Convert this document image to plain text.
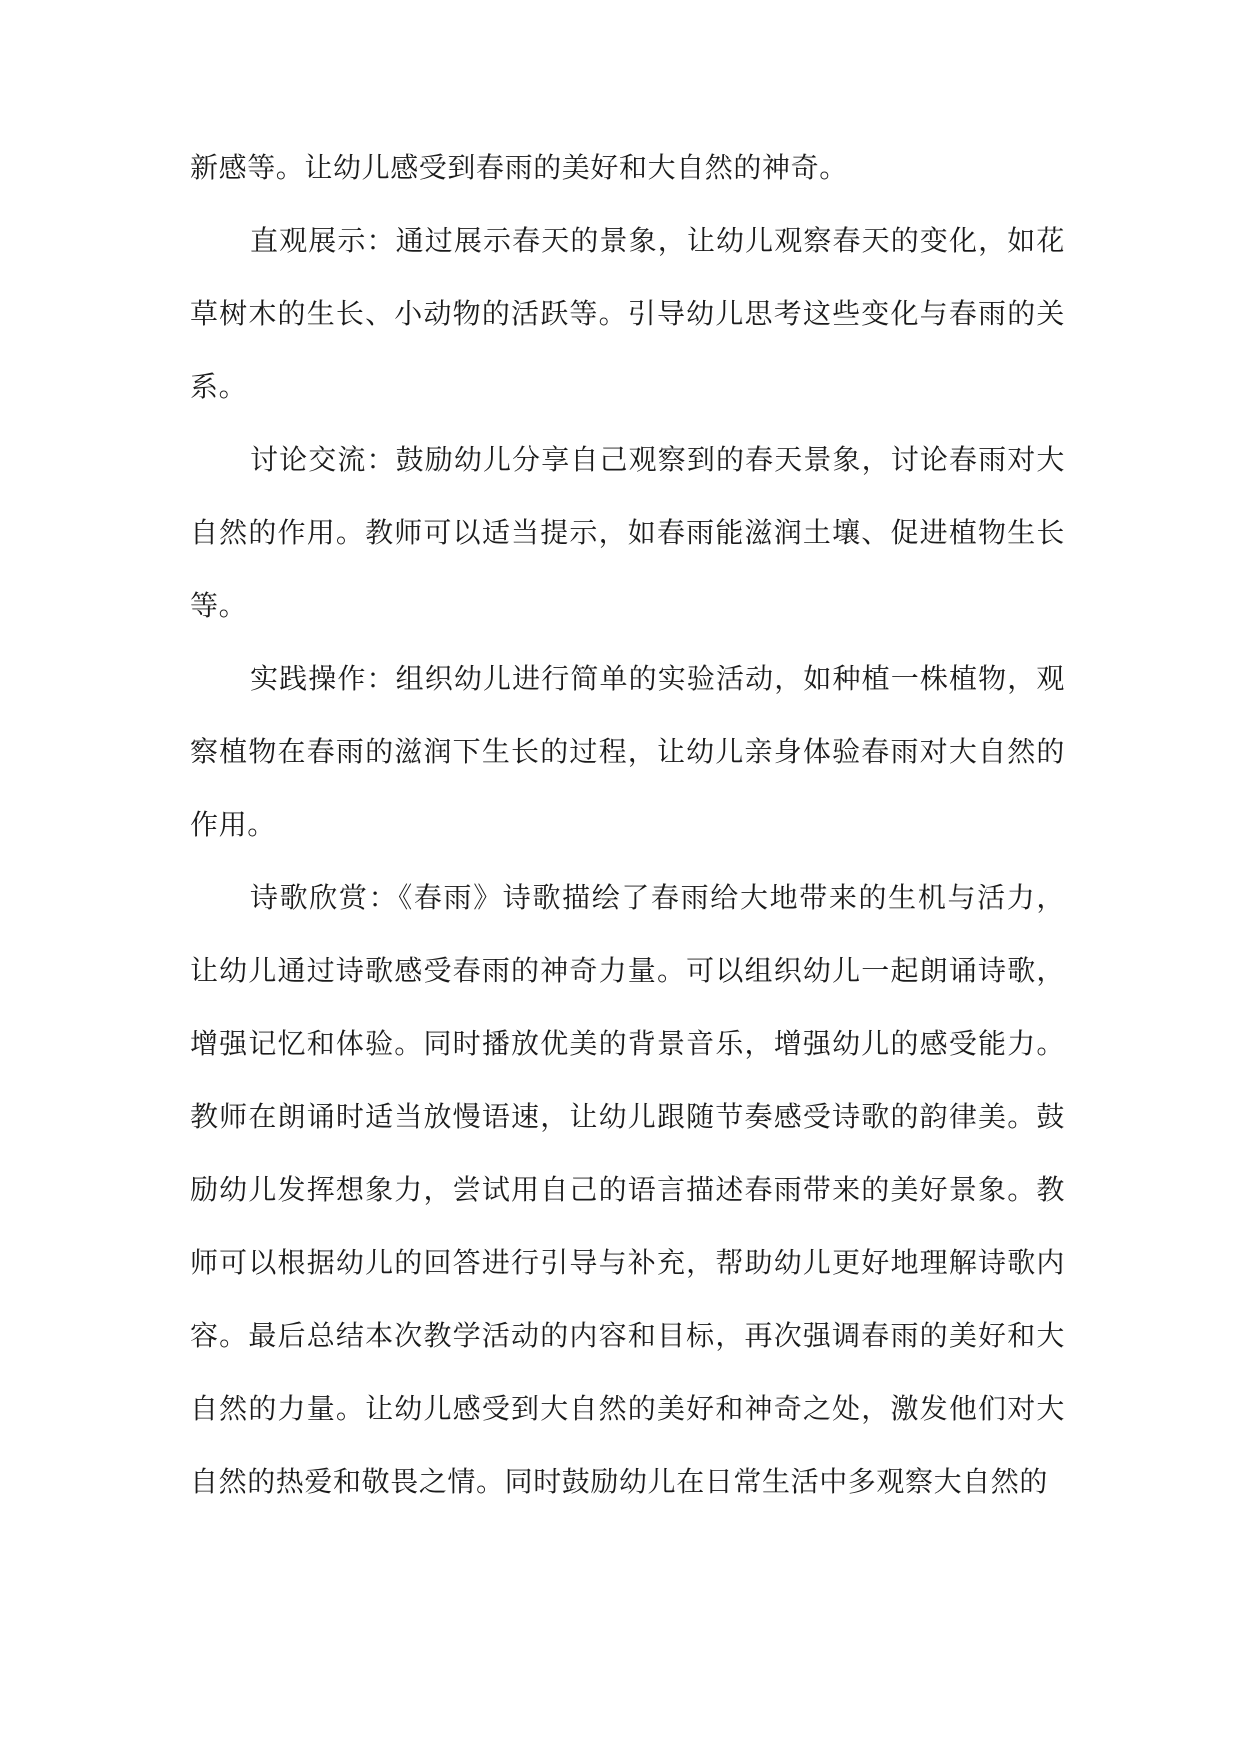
新感等。让幼儿感受到春雨的美好和大自然的神奇。

直观展示：通过展示春天的景象，让幼儿观察春天的变化，如花草树木的生长、小动物的活跃等。引导幼儿思考这些变化与春雨的关系。

讨论交流：鼓励幼儿分享自己观察到的春天景象，讨论春雨对大自然的作用。教师可以适当提示，如春雨能滋润土壤、促进植物生长等。

实践操作：组织幼儿进行简单的实验活动，如种植一株植物，观察植物在春雨的滋润下生长的过程，让幼儿亲身体验春雨对大自然的作用。

诗歌欣赏：《春雨》诗歌描绘了春雨给大地带来的生机与活力，让幼儿通过诗歌感受春雨的神奇力量。可以组织幼儿一起朗诵诗歌，增强记忆和体验。同时播放优美的背景音乐，增强幼儿的感受能力。教师在朗诵时适当放慢语速，让幼儿跟随节奏感受诗歌的韵律美。鼓励幼儿发挥想象力，尝试用自己的语言描述春雨带来的美好景象。教师可以根据幼儿的回答进行引导与补充，帮助幼儿更好地理解诗歌内容。最后总结本次教学活动的内容和目标，再次强调春雨的美好和大自然的力量。让幼儿感受到大自然的美好和神奇之处，激发他们对大自然的热爱和敬畏之情。同时鼓励幼儿在日常生活中多观察大自然的
